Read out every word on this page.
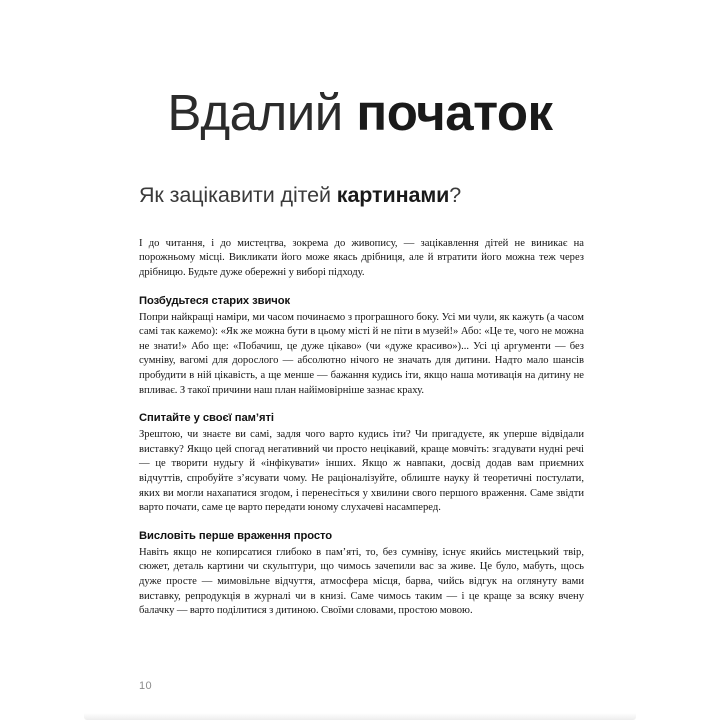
Вдалий початок
Як зацікавити дітей картинами?

І до читання, і до мистецтва, зокрема до живопису, — зацікавлення дітей не виникає на порожньому місці. Викликати його може якась дрібниця, але й втратити його можна теж через дрібницю. Будьте дуже обережні у виборі підходу.

Позбудьтеся старих звичок

Попри найкращі наміри, ми часом починаємо з програшного боку. Усі ми чули, як кажуть (а часом самі так кажемо): «Як же можна бути в цьому місті й не піти в музей!» Або: «Це те, чого не можна не знати!» Або ще: «Побачиш, це дуже цікаво» (чи «дуже красиво»)... Усі ці аргументи — без сумніву, вагомі для дорослого — абсолютно нічого не значать для дитини. Надто мало шансів пробудити в ній цікавість, а ще менше — бажання кудись іти, якщо наша мотивація на дитину не впливає. З такої причини наш план найімовірніше зазнає краху.

Спитайте у своєї пам’яті

Зрештою, чи знаєте ви самі, задля чого варто кудись іти? Чи пригадуєте, як уперше відвідали виставку? Якщо цей спогад негативний чи просто нецікавий, краще мовчіть: згадувати нудні речі — це творити нудьгу й «інфікувати» інших. Якщо ж навпаки, досвід додав вам приємних відчуттів, спробуйте з’ясувати чому. Не раціоналізуйте, облиште науку й теоретичні постулати, яких ви могли нахапатися згодом, і перенесіться у хвилини свого першого враження. Саме звідти варто почати, саме це варто передати юному слухачеві насамперед.

Висловіть перше враження просто

Навіть якщо не копирсатися глибоко в пам’яті, то, без сумніву, існує якийсь мистецький твір, сюжет, деталь картини чи скульптури, що чимось зачепили вас за живе. Це було, мабуть, щось дуже просте — мимовільне відчуття, атмосфера місця, барва, чийсь відгук на оглянуту вами виставку, репродукція в журналі чи в книзі. Саме чимось таким — і це краще за всяку вчену балачку — варто поділитися з дитиною. Своїми словами, простою мовою.

10
